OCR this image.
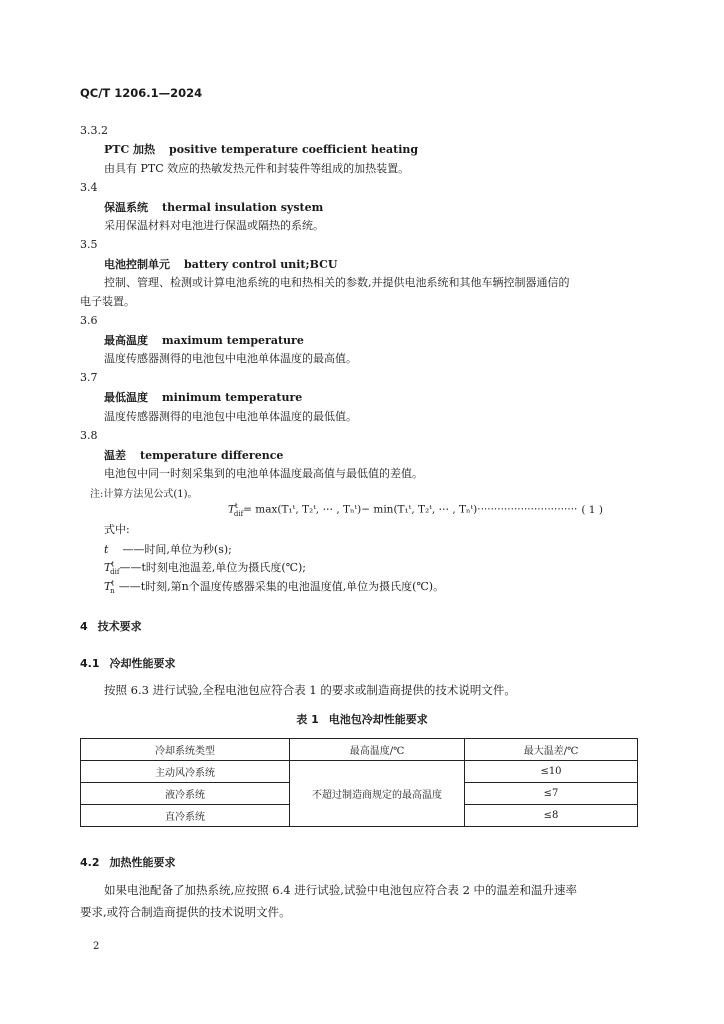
QC/T 1206.1—2024
3.3.2
PTC 加热 positive temperature coefficient heating
由具有 PTC 效应的热敏发热元件和封装件等组成的加热装置。
3.4
保温系统 thermal insulation system
采用保温材料对电池进行保温或隔热的系统。
3.5
电池控制单元 battery control unit;BCU
控制、管理、检测或计算电池系统的电和热相关的参数,并提供电池系统和其他车辆控制器通信的
电子装置。
3.6
最高温度 maximum temperature
温度传感器测得的电池包中电池单体温度的最高值。
3.7
最低温度 minimum temperature
温度传感器测得的电池包中电池单体温度的最低值。
3.8
温差 temperature difference
电池包中同一时刻采集到的电池单体温度最高值与最低值的差值。
注:计算方法见公式(1)。
$T^t_{dif}=$ max(T₁ᵗ, T₂ᵗ, ⋯ , Tₙᵗ)− min(T₁ᵗ, T₂ᵗ, ⋯ , Tₙᵗ)······························ ( 1 )
式中:
t ——时间,单位为秒(s);
$T^t_{dif}——t$时刻电池温差,单位为摄氏度(℃);
$T^t_n$ ——t时刻,第n个温度传感器采集的电池温度值,单位为摄氏度(℃)。
4 技术要求
4.1 冷却性能要求
按照 6.3 进行试验,全程电池包应符合表 1 的要求或制造商提供的技术说明文件。
表 1 电池包冷却性能要求
冷却系统类型	最高温度/℃	最大温差/℃
主动风冷系统	不超过制造商规定的最高温度	≤10
液冷系统		≤7
直冷系统		≤8
4.2 加热性能要求
如果电池配备了加热系统,应按照 6.4 进行试验,试验中电池包应符合表 2 中的温差和温升速率
要求,或符合制造商提供的技术说明文件。
2
